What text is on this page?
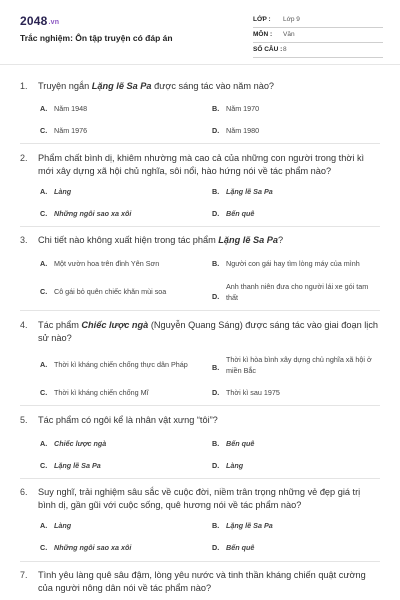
2048.vn
Trắc nghiệm: Ôn tập truyện có đáp án
LỚP : Lớp 9
MÔN : Văn
SỐ CÂU : 8
1. Truyện ngắn Lặng lẽ Sa Pa được sáng tác vào năm nào?
A. Năm 1948	B. Năm 1970
C. Năm 1976	D. Năm 1980
2. Phẩm chất bình dị, khiêm nhường mà cao cả của những con người trong thời kì mới xây dựng xã hội chủ nghĩa, sôi nổi, hào hứng nói về tác phẩm nào?
A. Làng	B. Lặng lẽ Sa Pa
C. Những ngôi sao xa xôi	D. Bến quê
3. Chi tiết nào không xuất hiện trong tác phẩm Lặng lẽ Sa Pa?
A. Một vườn hoa trên đỉnh Yên Sơn	B. Người con gái hay tìm lòng máy của mình
C. Cô gái bỏ quên chiếc khăn mùi soa
D.
Anh thanh niên đưa cho người lái xe gói tam thất
4. Tác phẩm Chiếc lược ngà (Nguyễn Quang Sáng) được sáng tác vào giai đoạn lịch sử nào?
A. Thời kì kháng chiến chống thực dân Pháp	B.
Thời kì hòa bình xây dựng chủ nghĩa xã hội ở miền Bắc
C. Thời kì kháng chiến chống Mĩ	D. Thời kì sau 1975
5. Tác phẩm có ngôi kể là nhân vật xưng “tôi”?
A. Chiếc lược ngà	B. Bến quê
C. Lặng lẽ Sa Pa	D. Làng
6. Suy nghĩ, trải nghiệm sâu sắc về cuộc đời, niềm trân trọng những vẻ đẹp giá trị bình dị, gần gũi với cuộc sống, quê hương nói về tác phẩm nào?
A. Làng	B. Lặng lẽ Sa Pa
C. Những ngôi sao xa xôi	D. Bến quê
7. Tình yêu làng quê sâu đậm, lòng yêu nước và tinh thần kháng chiến quật cường của người nông dân nói về tác phẩm nào?
